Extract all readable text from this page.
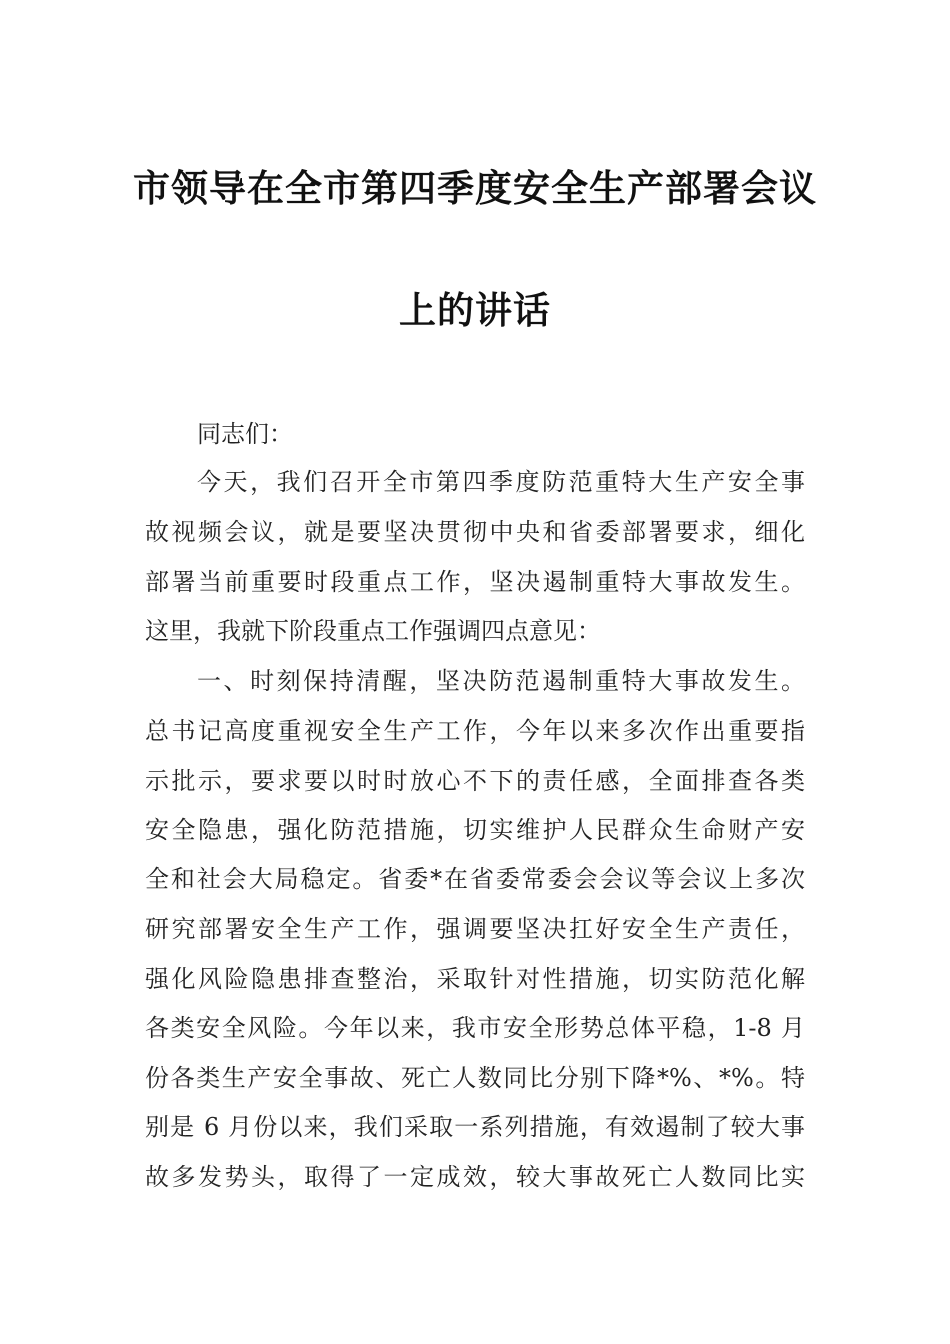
市领导在全市第四季度安全生产部署会议
上的讲话
同志们：
今天，我们召开全市第四季度防范重特大生产安全事
故视频会议，就是要坚决贯彻中央和省委部署要求，细化
部署当前重要时段重点工作，坚决遏制重特大事故发生。
这里，我就下阶段重点工作强调四点意见：
一、时刻保持清醒，坚决防范遏制重特大事故发生。
总书记高度重视安全生产工作，今年以来多次作出重要指
示批示，要求要以时时放心不下的责任感，全面排查各类
安全隐患，强化防范措施，切实维护人民群众生命财产安
全和社会大局稳定。省委*在省委常委会会议等会议上多次
研究部署安全生产工作，强调要坚决扛好安全生产责任，
强化风险隐患排查整治，采取针对性措施，切实防范化解
各类安全风险。今年以来，我市安全形势总体平稳，1-8 月
份各类生产安全事故、死亡人数同比分别下降*%、*%。特
别是 6 月份以来，我们采取一系列措施，有效遏制了较大事
故多发势头，取得了一定成效，较大事故死亡人数同比实
